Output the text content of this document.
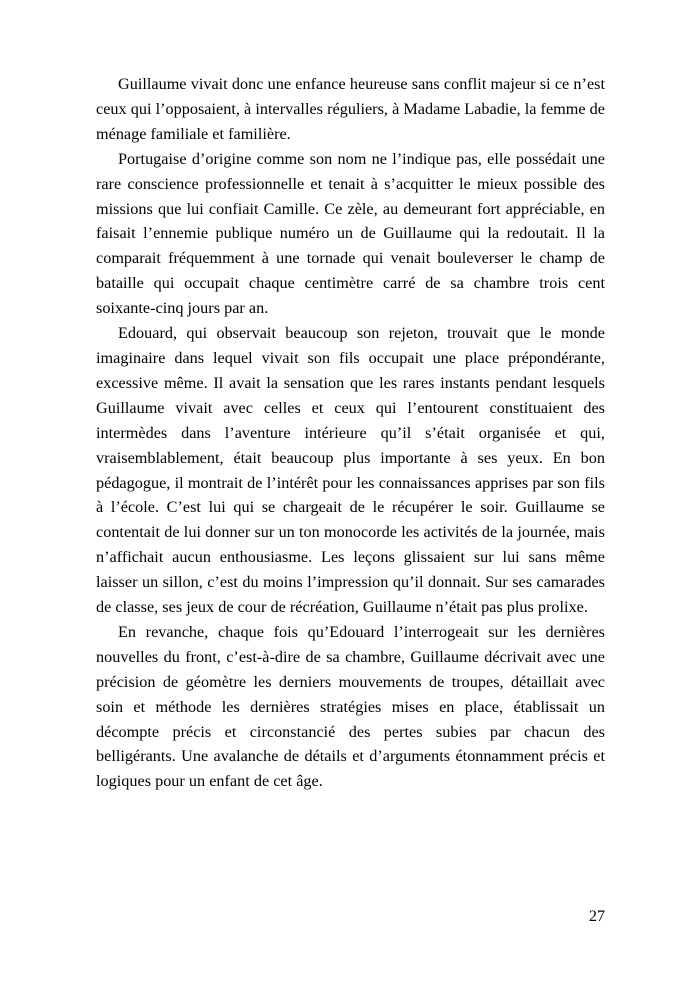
Guillaume vivait donc une enfance heureuse sans conflit majeur si ce n’est ceux qui l’opposaient, à intervalles réguliers, à Madame Labadie, la femme de ménage familiale et familière.

Portugaise d’origine comme son nom ne l’indique pas, elle possédait une rare conscience professionnelle et tenait à s’acquitter le mieux possible des missions que lui confiait Camille. Ce zèle, au demeurant fort appréciable, en faisait l’ennemie publique numéro un de Guillaume qui la redoutait. Il la comparait fréquemment à une tornade qui venait bouleverser le champ de bataille qui occupait chaque centimètre carré de sa chambre trois cent soixante-cinq jours par an.

Edouard, qui observait beaucoup son rejeton, trouvait que le monde imaginaire dans lequel vivait son fils occupait une place prépondérante, excessive même. Il avait la sensation que les rares instants pendant lesquels Guillaume vivait avec celles et ceux qui l’entourent constituaient des intermèdes dans l’aventure intérieure qu’il s’était organisée et qui, vraisemblablement, était beaucoup plus importante à ses yeux. En bon pédagogue, il montrait de l’intérêt pour les connaissances apprises par son fils à l’école. C’est lui qui se chargeait de le récupérer le soir. Guillaume se contentait de lui donner sur un ton monocorde les activités de la journée, mais n’affichait aucun enthousiasme. Les leçons glissaient sur lui sans même laisser un sillon, c’est du moins l’impression qu’il donnait. Sur ses camarades de classe, ses jeux de cour de récréation, Guillaume n’était pas plus prolixe.

En revanche, chaque fois qu’Edouard l’interrogeait sur les dernières nouvelles du front, c’est-à-dire de sa chambre, Guillaume décrivait avec une précision de géomètre les derniers mouvements de troupes, détaillait avec soin et méthode les dernières stratégies mises en place, établissait un décompte précis et circonstancié des pertes subies par chacun des belligérants. Une avalanche de détails et d’arguments étonnamment précis et logiques pour un enfant de cet âge.

27
